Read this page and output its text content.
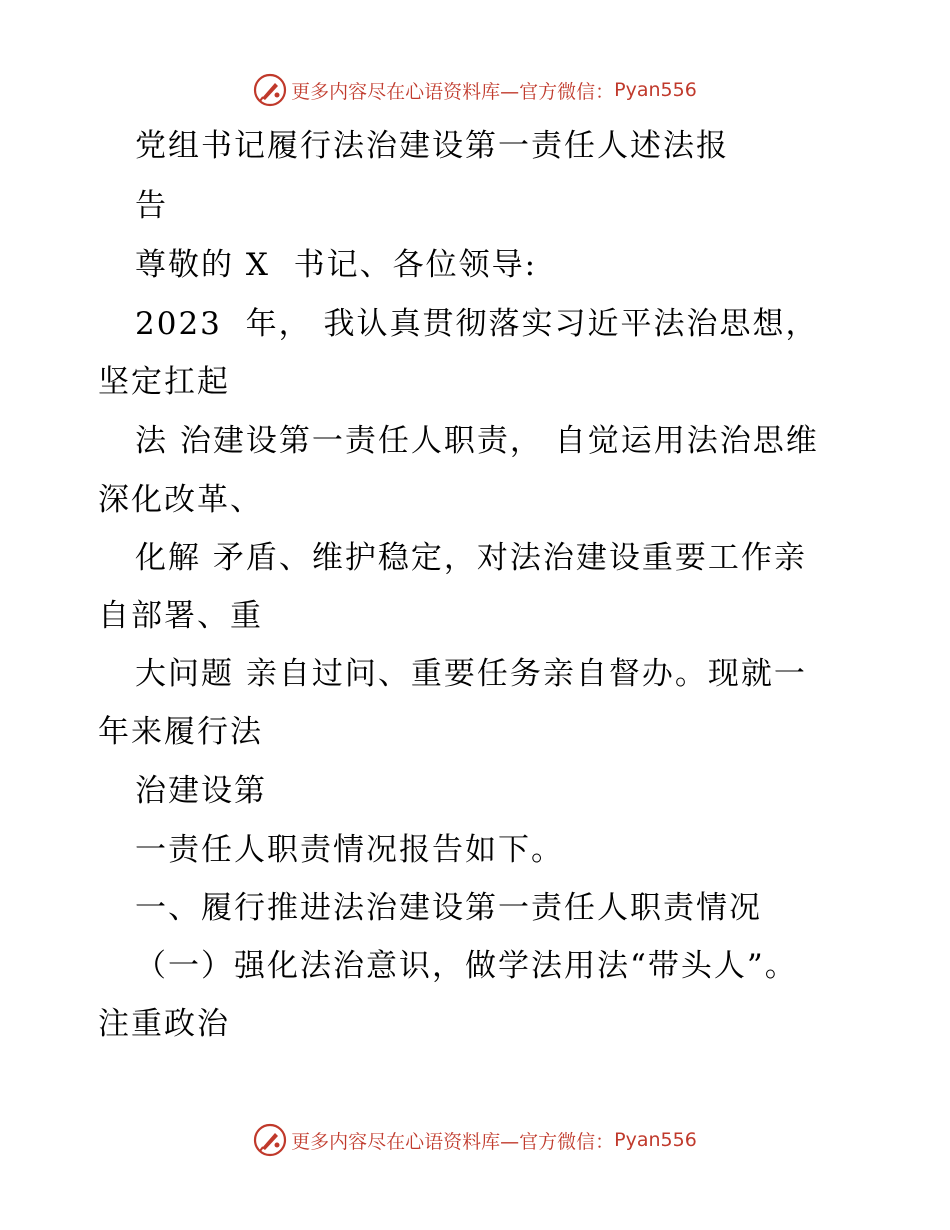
更多内容尽在心语资料库—官方微信： Pyan556
党组书记履行法治建设第一责任人述法报
告
尊敬的 X  书记、各位领导:
2023  年， 我认真贯彻落实习近平法治思想，
坚定扛起
法 治建设第一责任人职责， 自觉运用法治思维
深化改革、
化解 矛盾、维护稳定，对法治建设重要工作亲
自部署、重
大问题 亲自过问、重要任务亲自督办。现就一
年来履行法
治建设第
一责任人职责情况报告如下。
一、履行推进法治建设第一责任人职责情况
（一）强化法治意识，做学法用法“带头人”。
注重政治
更多内容尽在心语资料库—官方微信： Pyan556
